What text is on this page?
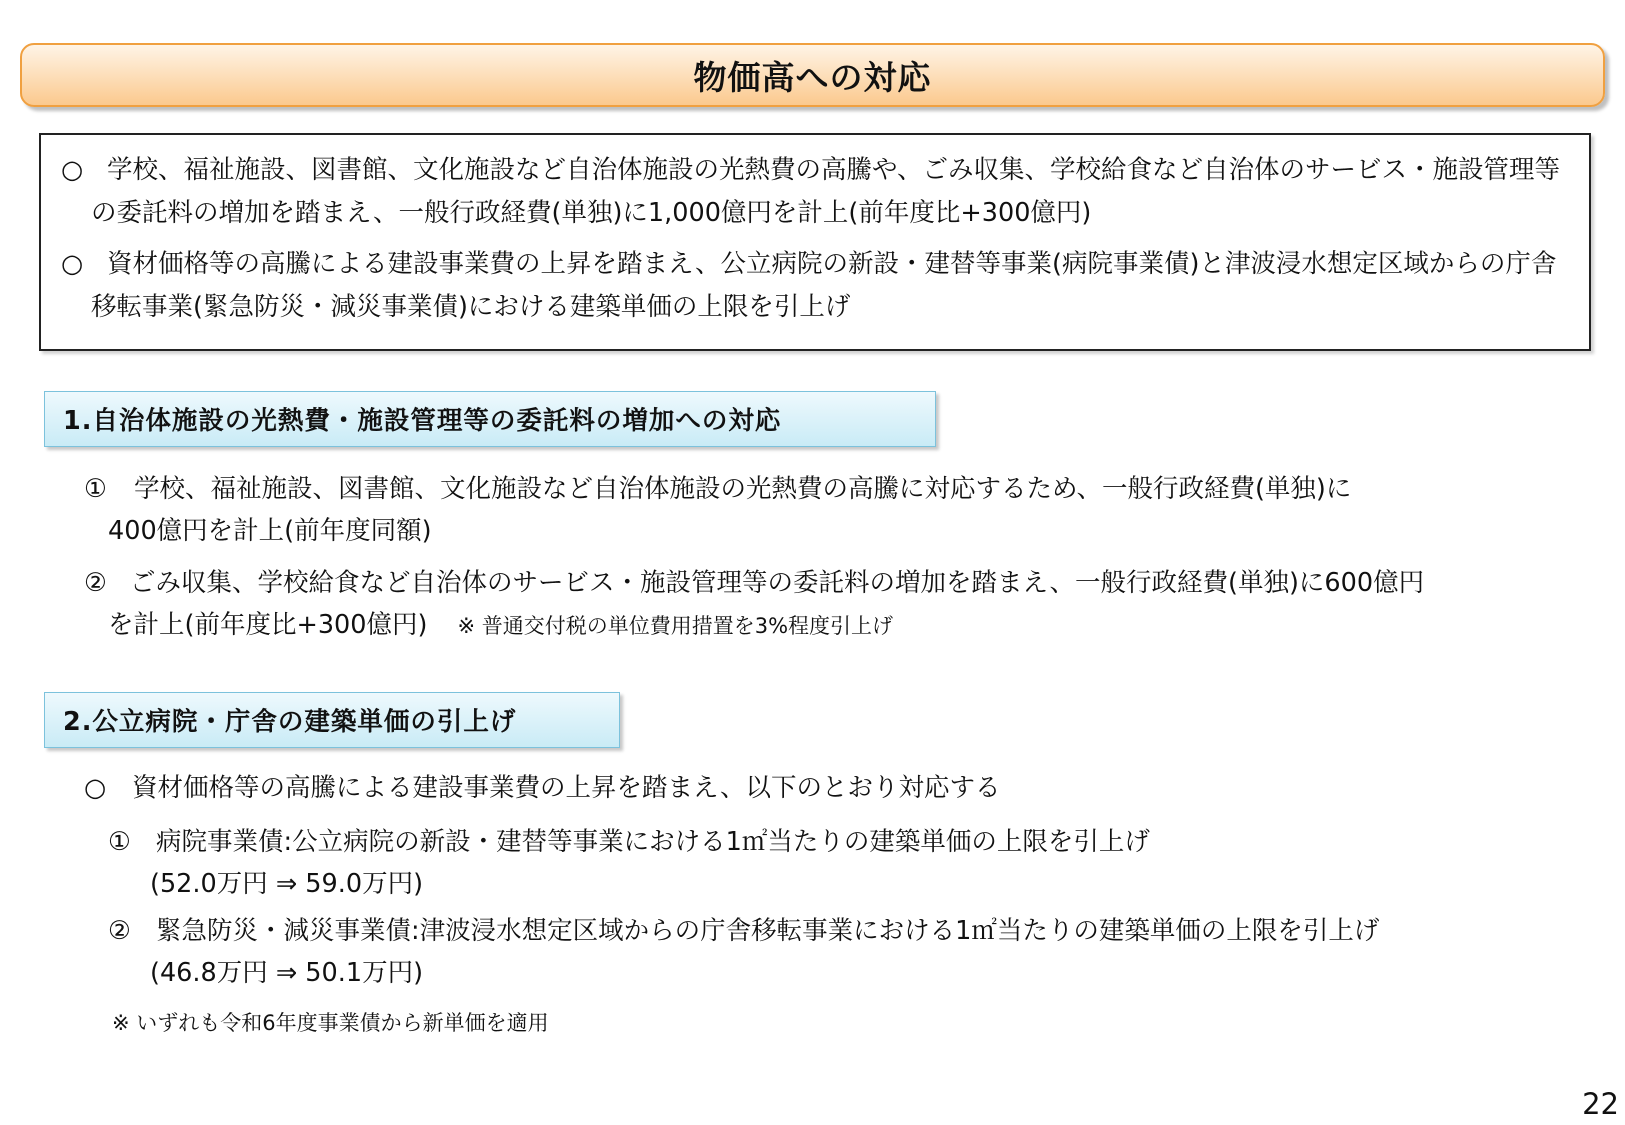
物価高への対応
○ 学校、福祉施設、図書館、文化施設など自治体施設の光熱費の高騰や、ごみ収集、学校給食など自治体のサービス・施設管理等の委託料の増加を踏まえ、一般行政経費(単独)に1,000億円を計上(前年度比+300億円)
○ 資材価格等の高騰による建設事業費の上昇を踏まえ、公立病院の新設・建替等事業(病院事業債)と津波浸水想定区域からの庁舎移転事業(緊急防災・減災事業債)における建築単価の上限を引上げ
1.自治体施設の光熱費・施設管理等の委託料の増加への対応
①	学校、福祉施設、図書館、文化施設など自治体施設の光熱費の高騰に対応するため、一般行政経費(単独)に
400億円を計上(前年度同額)
② ごみ収集、学校給食など自治体のサービス・施設管理等の委託料の増加を踏まえ、一般行政経費(単独)に600億円
を計上(前年度比+300億円) ※ 普通交付税の単位費用措置を3%程度引上げ
2.公立病院・庁舎の建築単価の引上げ
○	資材価格等の高騰による建設事業費の上昇を踏まえ、以下のとおり対応する
① 病院事業債:公立病院の新設・建替等事業における1㎡当たりの建築単価の上限を引上げ
(52.0万円 ⇒ 59.0万円)
② 緊急防災・減災事業債:津波浸水想定区域からの庁舎移転事業における1㎡当たりの建築単価の上限を引上げ
(46.8万円 ⇒ 50.1万円)
※ いずれも令和6年度事業債から新単価を適用
22
